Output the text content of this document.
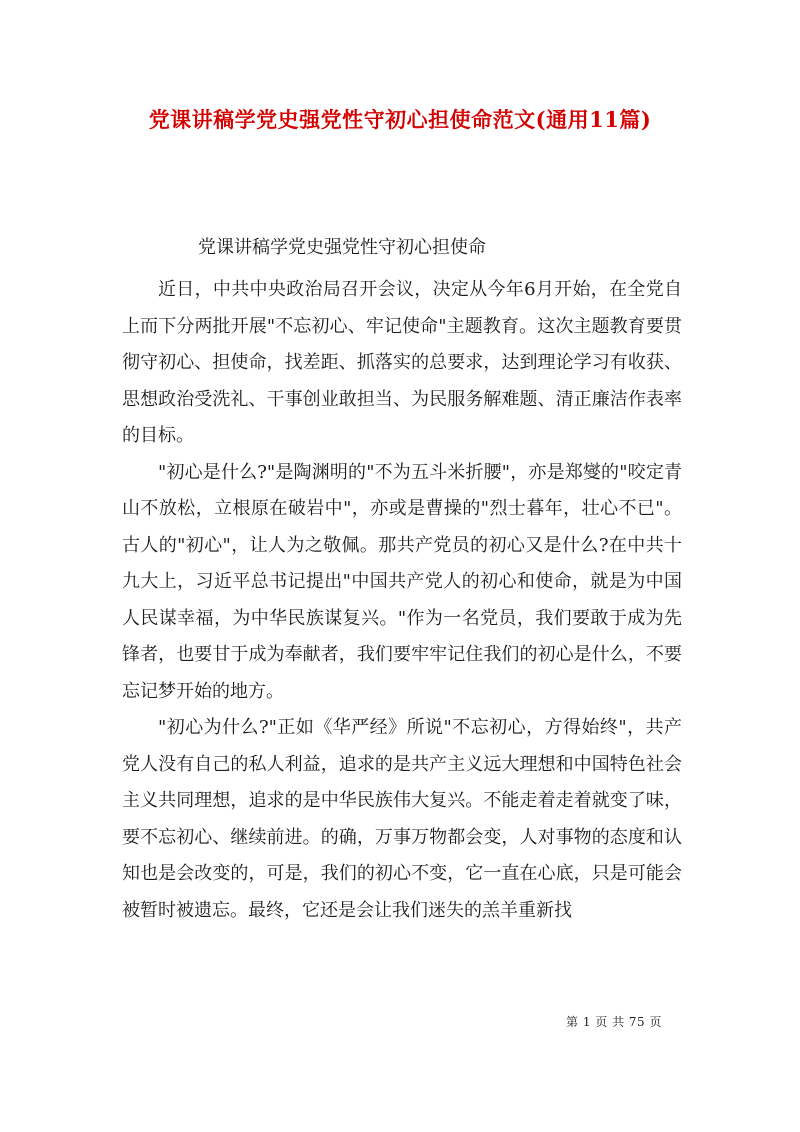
党课讲稿学党史强党性守初心担使命范文(通用11篇)

党课讲稿学党史强党性守初心担使命

近日，中共中央政治局召开会议，决定从今年6月开始，在全党自上而下分两批开展"不忘初心、牢记使命"主题教育。这次主题教育要贯彻守初心、担使命，找差距、抓落实的总要求，达到理论学习有收获、思想政治受洗礼、干事创业敢担当、为民服务解难题、清正廉洁作表率的目标。

"初心是什么?"是陶渊明的"不为五斗米折腰"，亦是郑燮的"咬定青山不放松，立根原在破岩中"，亦或是曹操的"烈士暮年，壮心不已"。古人的"初心"，让人为之敬佩。那共产党员的初心又是什么?在中共十九大上，习近平总书记提出"中国共产党人的初心和使命，就是为中国人民谋幸福，为中华民族谋复兴。"作为一名党员，我们要敢于成为先锋者，也要甘于成为奉献者，我们要牢牢记住我们的初心是什么，不要忘记梦开始的地方。

"初心为什么?"正如《华严经》所说"不忘初心，方得始终"，共产党人没有自己的私人利益，追求的是共产主义远大理想和中国特色社会主义共同理想，追求的是中华民族伟大复兴。不能走着走着就变了味，要不忘初心、继续前进。的确，万事万物都会变，人对事物的态度和认知也是会改变的，可是，我们的初心不变，它一直在心底，只是可能会被暂时被遗忘。最终，它还是会让我们迷失的羔羊重新找

第 1 页 共 75 页
